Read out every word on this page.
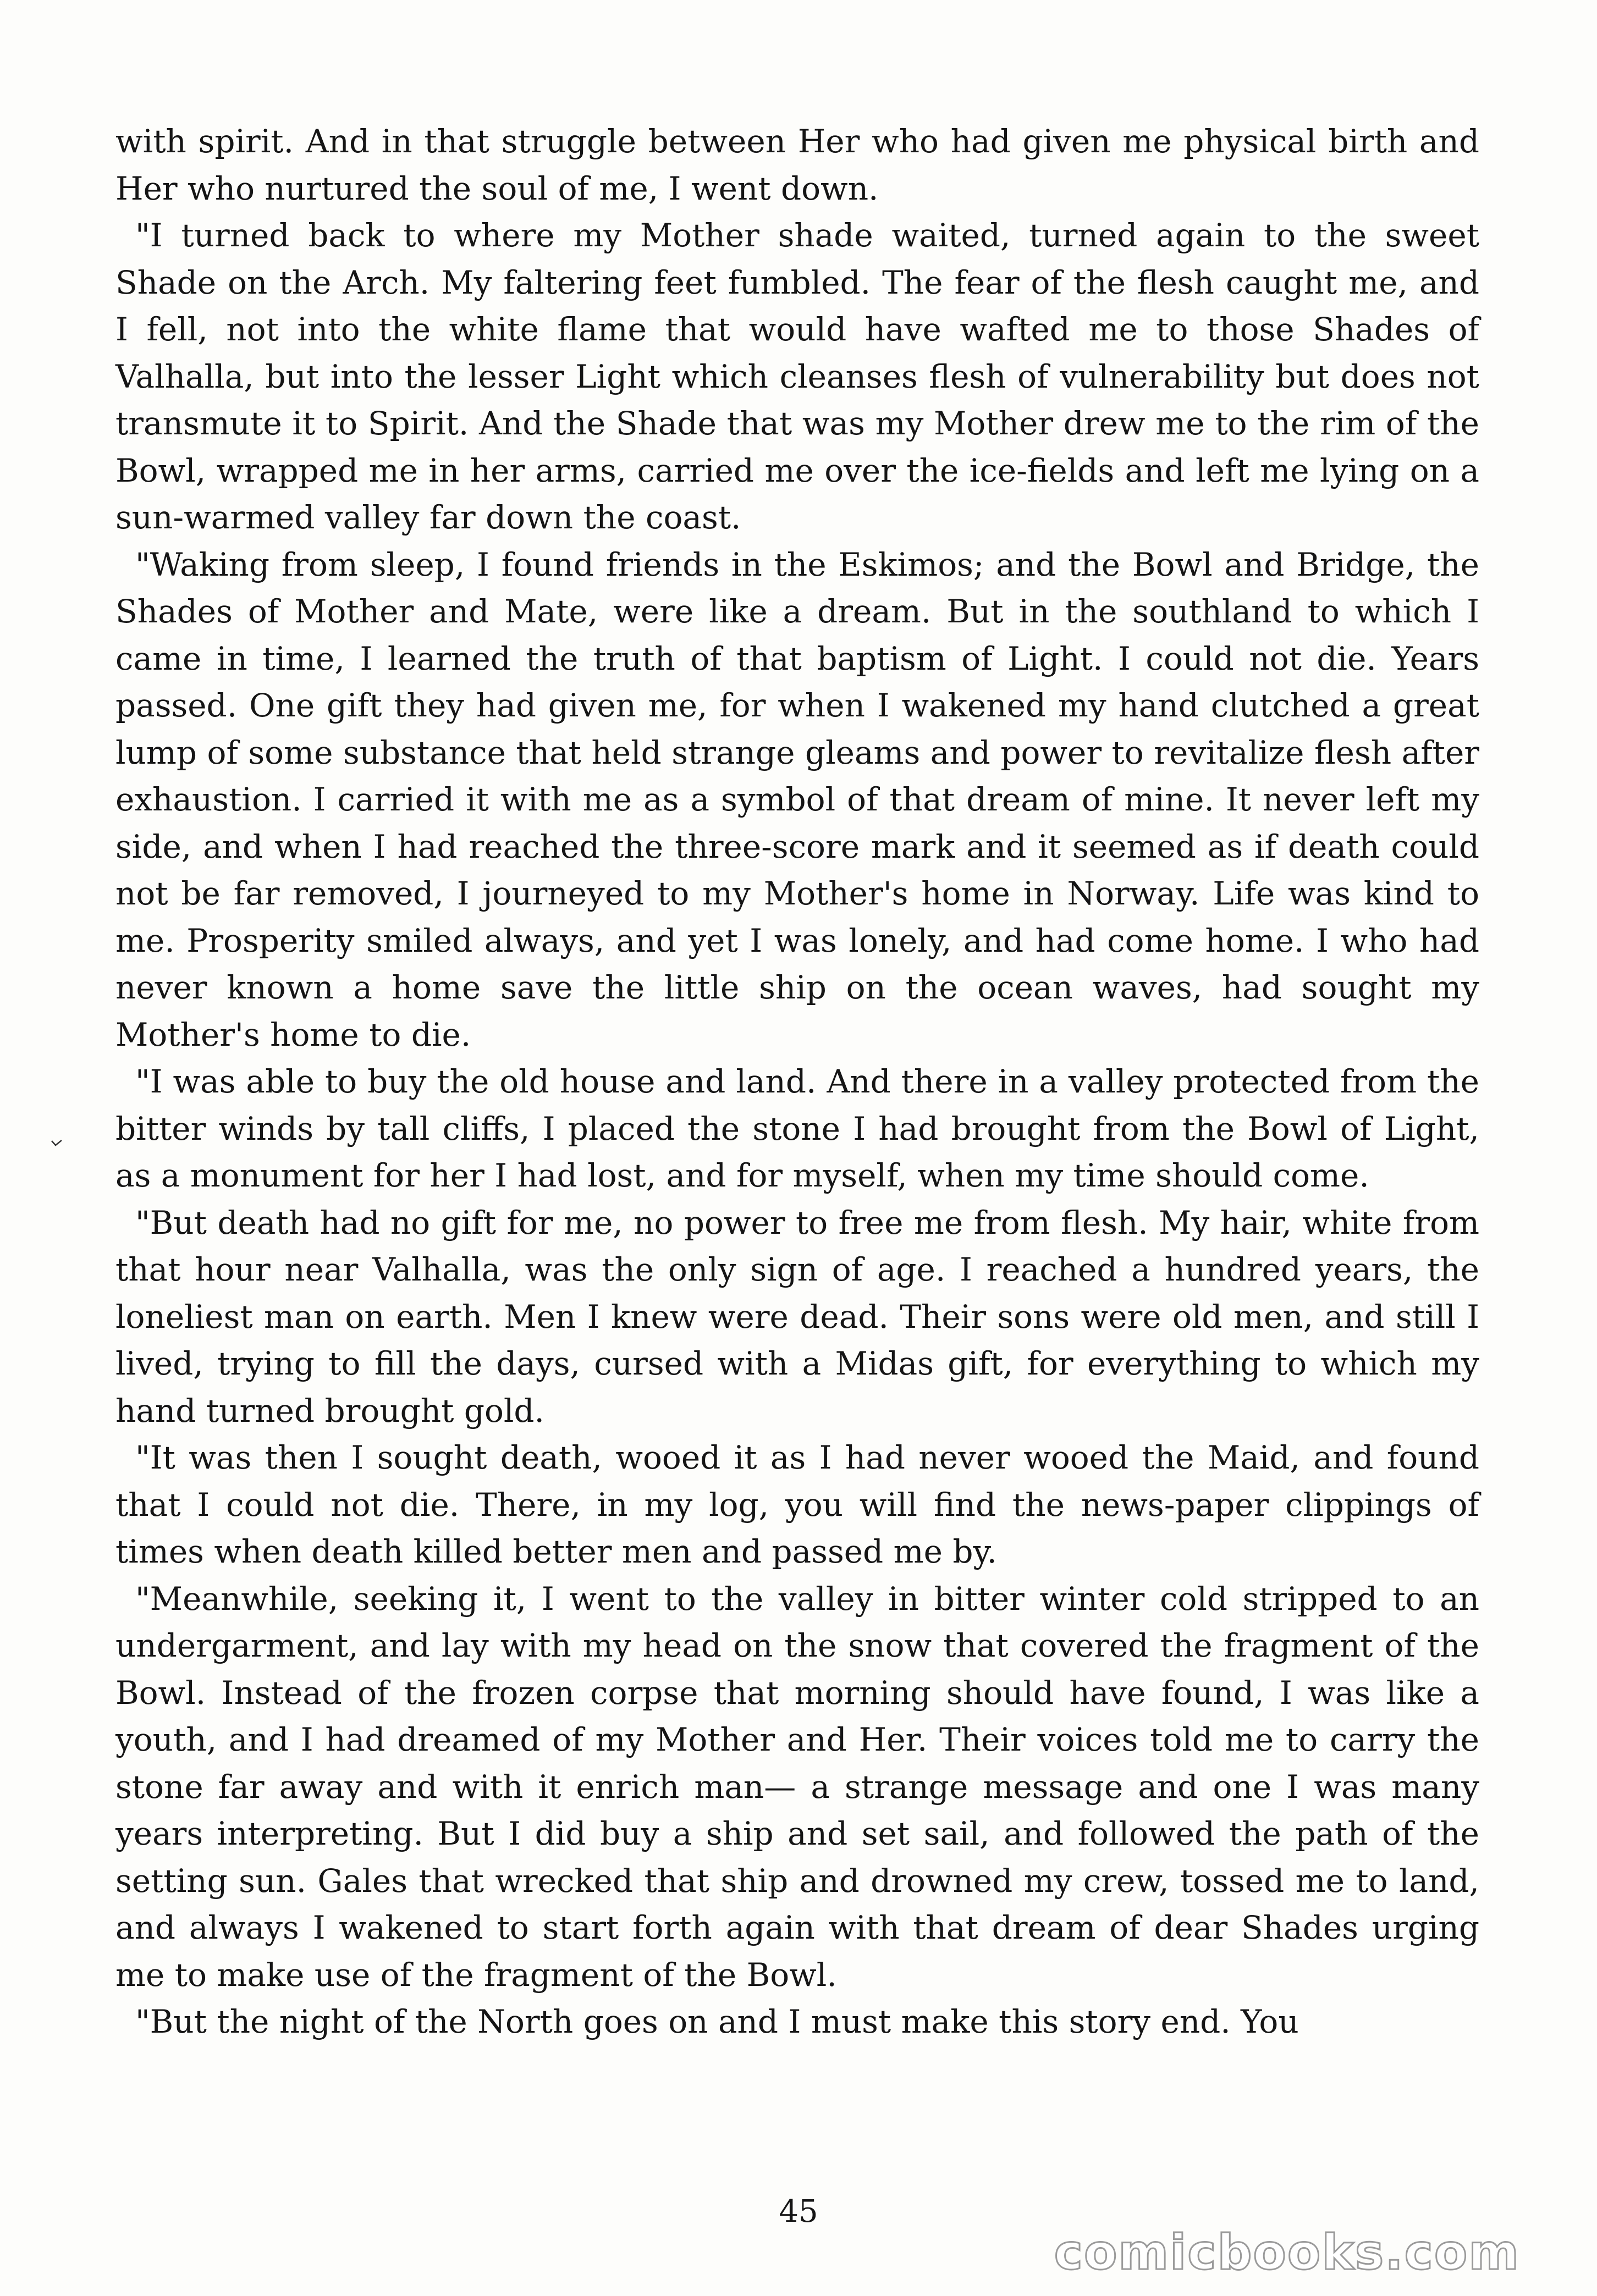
with spirit. And in that struggle between Her who had given me physical birth and Her who nurtured the soul of me, I went down.

"I turned back to where my Mother shade waited, turned again to the sweet Shade on the Arch. My faltering feet fumbled. The fear of the flesh caught me, and I fell, not into the white flame that would have wafted me to those Shades of Valhalla, but into the lesser Light which cleanses flesh of vulnerability but does not transmute it to Spirit. And the Shade that was my Mother drew me to the rim of the Bowl, wrapped me in her arms, carried me over the ice-fields and left me lying on a sun-warmed valley far down the coast.

"Waking from sleep, I found friends in the Eskimos; and the Bowl and Bridge, the Shades of Mother and Mate, were like a dream. But in the southland to which I came in time, I learned the truth of that baptism of Light. I could not die. Years passed. One gift they had given me, for when I wakened my hand clutched a great lump of some substance that held strange gleams and power to revitalize flesh after exhaustion. I carried it with me as a symbol of that dream of mine. It never left my side, and when I had reached the three-score mark and it seemed as if death could not be far removed, I journeyed to my Mother's home in Norway. Life was kind to me. Prosperity smiled always, and yet I was lonely, and had come home. I who had never known a home save the little ship on the ocean waves, had sought my Mother's home to die.

"I was able to buy the old house and land. And there in a valley protected from the bitter winds by tall cliffs, I placed the stone I had brought from the Bowl of Light, as a monument for her I had lost, and for myself, when my time should come.

"But death had no gift for me, no power to free me from flesh. My hair, white from that hour near Valhalla, was the only sign of age. I reached a hundred years, the loneliest man on earth. Men I knew were dead. Their sons were old men, and still I lived, trying to fill the days, cursed with a Midas gift, for everything to which my hand turned brought gold.

"It was then I sought death, wooed it as I had never wooed the Maid, and found that I could not die. There, in my log, you will find the news-paper clippings of times when death killed better men and passed me by.

"Meanwhile, seeking it, I went to the valley in bitter winter cold stripped to an undergarment, and lay with my head on the snow that covered the fragment of the Bowl. Instead of the frozen corpse that morning should have found, I was like a youth, and I had dreamed of my Mother and Her. Their voices told me to carry the stone far away and with it enrich man— a strange message and one I was many years interpreting. But I did buy a ship and set sail, and followed the path of the setting sun. Gales that wrecked that ship and drowned my crew, tossed me to land, and always I wakened to start forth again with that dream of dear Shades urging me to make use of the fragment of the Bowl.

"But the night of the North goes on and I must make this story end. You

45
comicbooks.com
